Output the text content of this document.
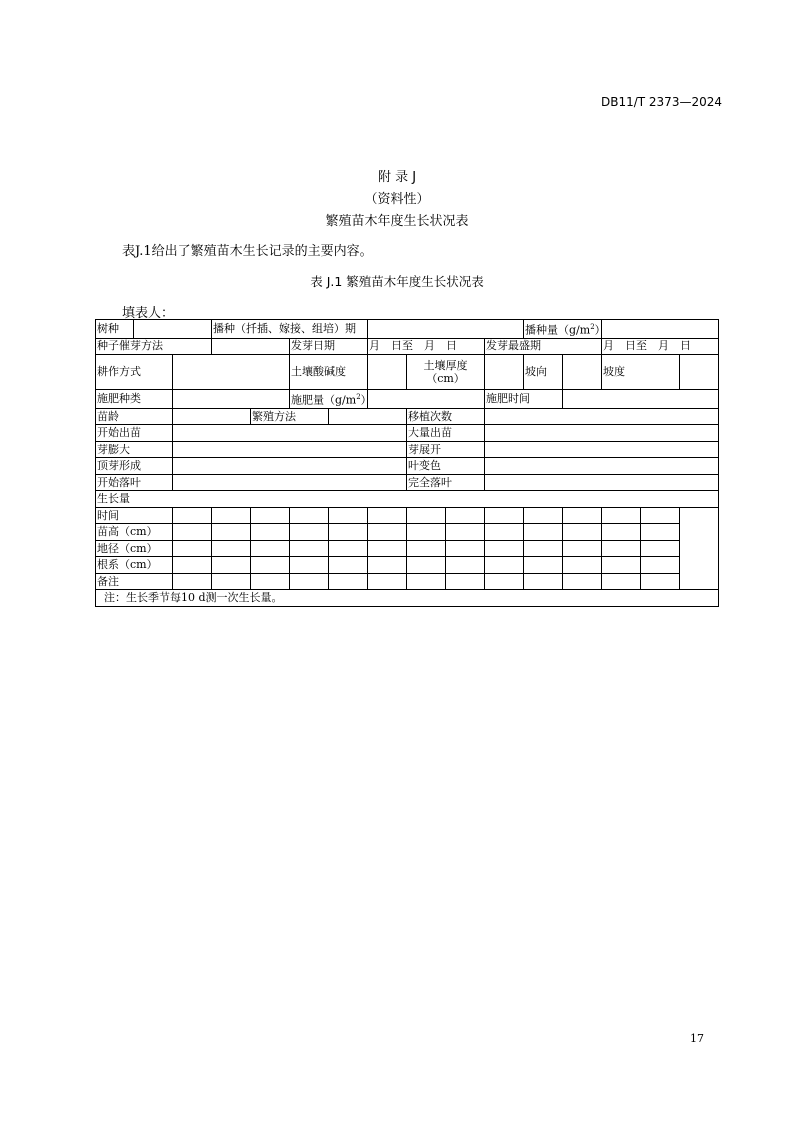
DB11/T 2373—2024
附 录 J
（资料性）
繁殖苗木年度生长状况表
表J.1给出了繁殖苗木生长记录的主要内容。
表 J.1 繁殖苗木年度生长状况表
填表人：
树种			播种（扦插、嫁接、组培）期								播种量$(g/m^2)$				
种子催芽方法					发芽日期		月　日至　月　日			发芽最盛期			月　日至　月　日		
耕作方式					土壤酸碱度			土壤厚度（cm）			坡向		坡度		
施肥种类					施肥量$(g/m^2)$					施肥时间					
苗龄				繁殖方法				移植次数							
开始出苗								大量出苗							
芽膨大								芽展开							
顶芽形成								叶变色							
开始落叶								完全落叶							
生长量															
时间															
苗高（cm）															
地径（cm）															
根系（cm）															
备注															
注：生长季节每10 d测一次生长量。															
17
